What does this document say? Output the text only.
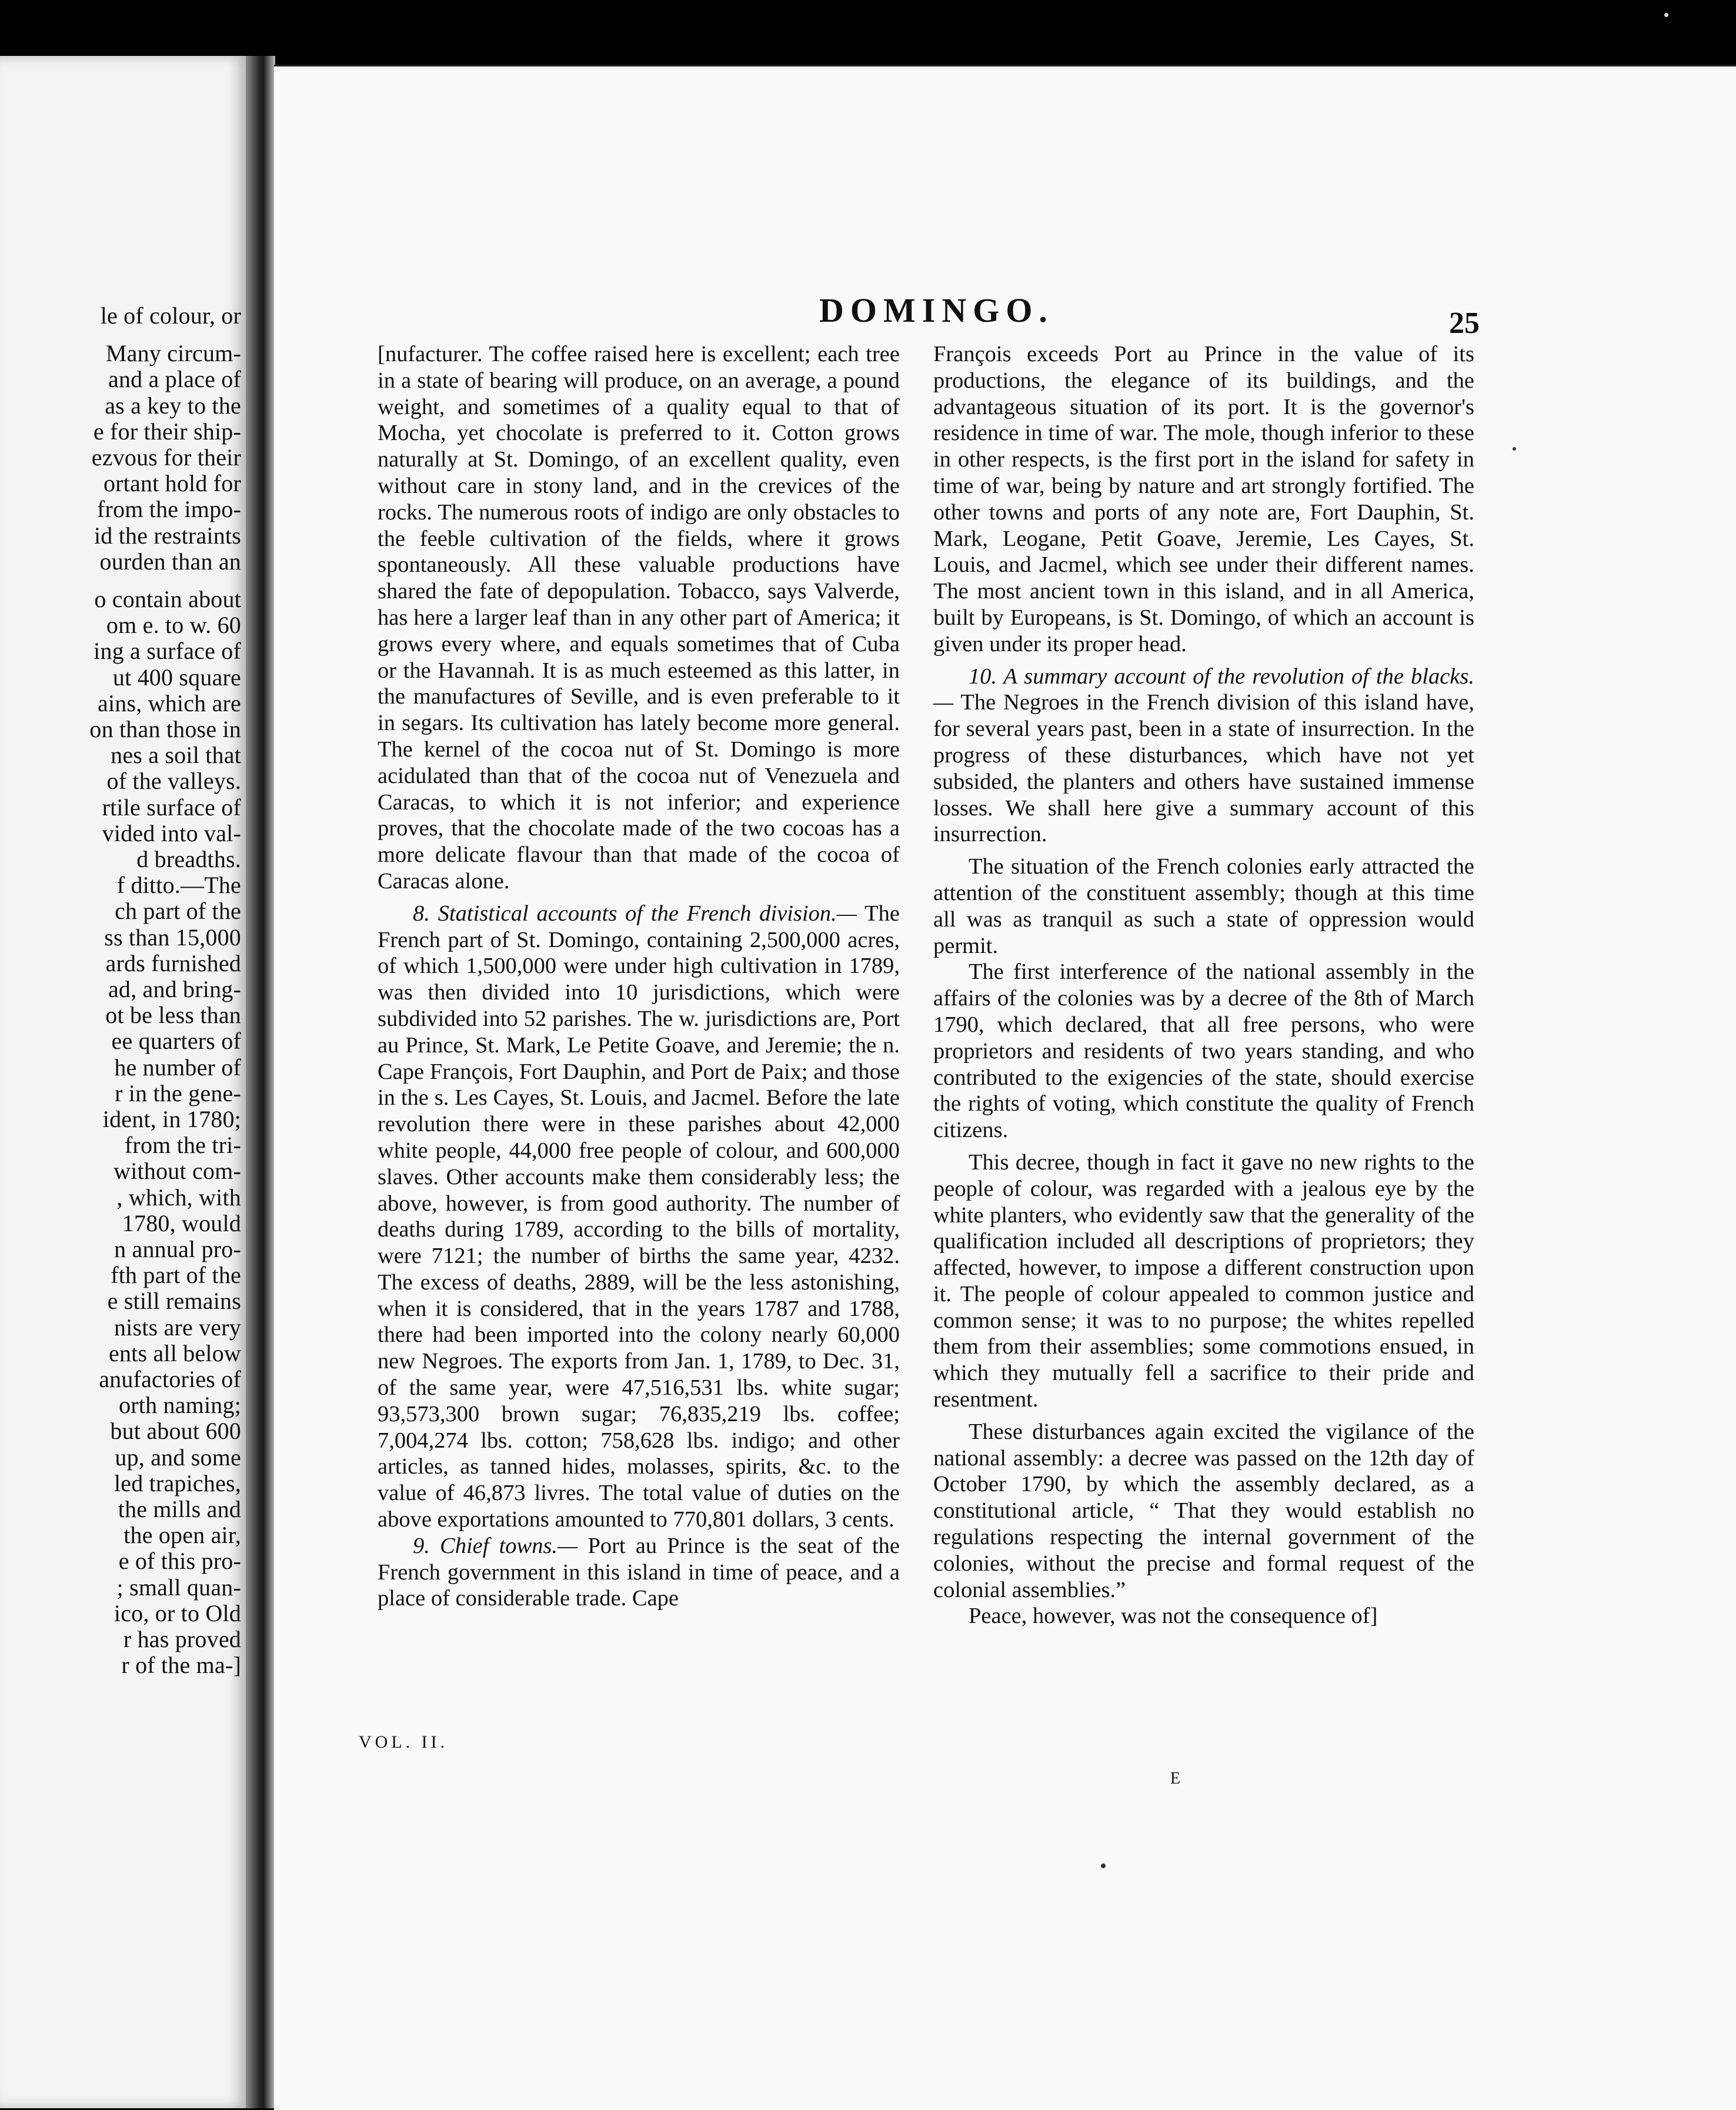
le of colour, or
Many circum-
and a place of
as a key to the
e for their ship-
ezvous for their
ortant hold for
from the impo-
id the restraints
ourden than an
o contain about
om e. to w. 60
ing a surface of
ut 400 square
ains, which are
on than those in
nes a soil that
of the valleys.
rtile surface of
vided into val-
d breadths.
f ditto.—The
ch part of the
ss than 15,000
ards furnished
ad, and bring-
ot be less than
ee quarters of
he number of
r in the gene-
ident, in 1780;
from the tri-
without com-
, which, with
1780, would
n annual pro-
fth part of the
e still remains
nists are very
ents all below
anufactories of
orth naming;
but about 600
up, and some
led trapiches,
the mills and
the open air,
e of this pro-
; small quan-
ico, or to Old
r has proved
r of the ma-]
DOMINGO.	25

[nufacturer. The coffee raised here is excellent; each tree in a state of bearing will produce, on an average, a pound weight, and sometimes of a quality equal to that of Mocha, yet chocolate is preferred to it. Cotton grows naturally at St. Domingo, of an excellent quality, even without care in stony land, and in the crevices of the rocks. The numerous roots of indigo are only obstacles to the feeble cultivation of the fields, where it grows spontaneously. All these valuable productions have shared the fate of depopulation. Tobacco, says Valverde, has here a larger leaf than in any other part of America; it grows every where, and equals sometimes that of Cuba or the Havannah. It is as much esteemed as this latter, in the manufactures of Seville, and is even preferable to it in segars. Its cultivation has lately become more general. The kernel of the cocoa nut of St. Domingo is more acidulated than that of the cocoa nut of Venezuela and Caracas, to which it is not inferior; and experience proves, that the chocolate made of the two cocoas has a more delicate flavour than that made of the cocoa of Caracas alone.

8. Statistical accounts of the French division.— The French part of St. Domingo, containing 2,500,000 acres, of which 1,500,000 were under high cultivation in 1789, was then divided into 10 jurisdictions, which were subdivided into 52 parishes. The w. jurisdictions are, Port au Prince, St. Mark, Le Petite Goave, and Jeremie; the n. Cape François, Fort Dauphin, and Port de Paix; and those in the s. Les Cayes, St. Louis, and Jacmel. Before the late revolution there were in these parishes about 42,000 white people, 44,000 free people of colour, and 600,000 slaves. Other accounts make them considerably less; the above, however, is from good authority. The number of deaths during 1789, according to the bills of mortality, were 7121; the number of births the same year, 4232. The excess of deaths, 2889, will be the less astonishing, when it is considered, that in the years 1787 and 1788, there had been imported into the colony nearly 60,000 new Negroes. The exports from Jan. 1, 1789, to Dec. 31, of the same year, were 47,516,531 lbs. white sugar; 93,573,300 brown sugar; 76,835,219 lbs. coffee; 7,004,274 lbs. cotton; 758,628 lbs. indigo; and other articles, as tanned hides, molasses, spirits, &c. to the value of 46,873 livres. The total value of duties on the above exportations amounted to 770,801 dollars, 3 cents.

9. Chief towns.— Port au Prince is the seat of the French government in this island in time of peace, and a place of considerable trade. Cape

François exceeds Port au Prince in the value of its productions, the elegance of its buildings, and the advantageous situation of its port. It is the governor's residence in time of war. The mole, though inferior to these in other respects, is the first port in the island for safety in time of war, being by nature and art strongly fortified. The other towns and ports of any note are, Fort Dauphin, St. Mark, Leogane, Petit Goave, Jeremie, Les Cayes, St. Louis, and Jacmel, which see under their different names. The most ancient town in this island, and in all America, built by Europeans, is St. Domingo, of which an account is given under its proper head.

10. A summary account of the revolution of the blacks.— The Negroes in the French division of this island have, for several years past, been in a state of insurrection. In the progress of these disturbances, which have not yet subsided, the planters and others have sustained immense losses. We shall here give a summary account of this insurrection.

The situation of the French colonies early attracted the attention of the constituent assembly; though at this time all was as tranquil as such a state of oppression would permit.

The first interference of the national assembly in the affairs of the colonies was by a decree of the 8th of March 1790, which declared, that all free persons, who were proprietors and residents of two years standing, and who contributed to the exigencies of the state, should exercise the rights of voting, which constitute the quality of French citizens.

This decree, though in fact it gave no new rights to the people of colour, was regarded with a jealous eye by the white planters, who evidently saw that the generality of the qualification included all descriptions of proprietors; they affected, however, to impose a different construction upon it. The people of colour appealed to common justice and common sense; it was to no purpose; the whites repelled them from their assemblies; some commotions ensued, in which they mutually fell a sacrifice to their pride and resentment.

These disturbances again excited the vigilance of the national assembly: a decree was passed on the 12th day of October 1790, by which the assembly declared, as a constitutional article, “ That they would establish no regulations respecting the internal government of the colonies, without the precise and formal request of the colonial assemblies.”

Peace, however, was not the consequence of]

VOL. II.
E
